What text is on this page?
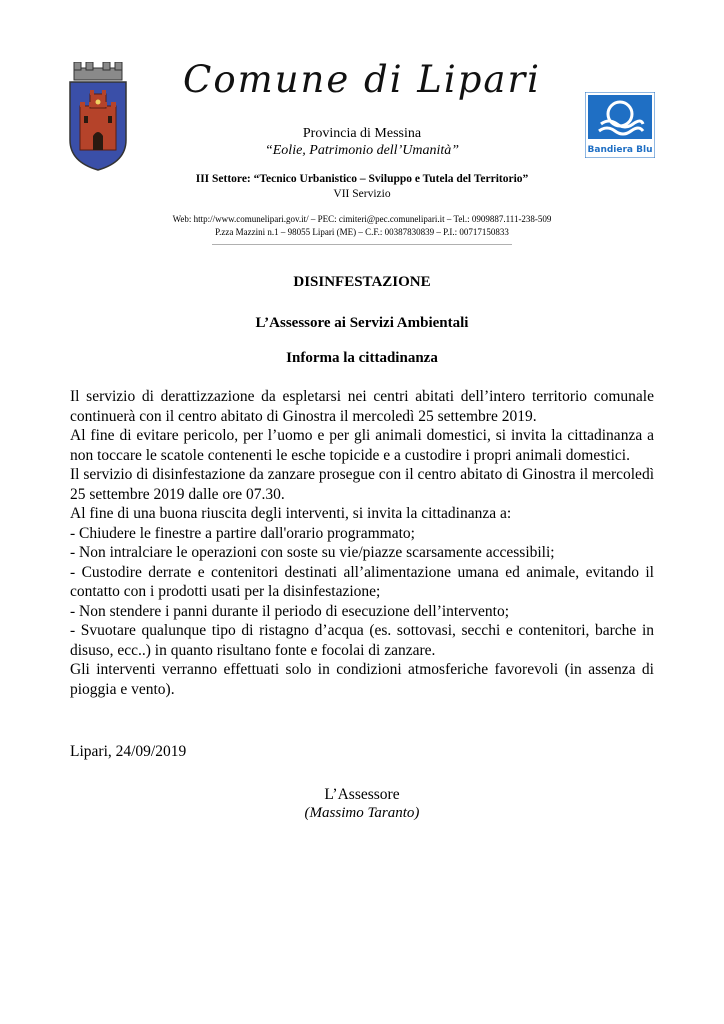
Comune di Lipari
Bandiera Blu
Provincia di Messina
“Eolie, Patrimonio dell’Umanità”
III Settore: “Tecnico Urbanistico – Sviluppo e Tutela del Territorio”
VII Servizio
Web: http://www.comunelipari.gov.it/ – PEC: cimiteri@pec.comunelipari.it – Tel.: 0909887.111-238-509
P.zza Mazzini n.1 – 98055 Lipari (ME) – C.F.: 00387830839 – P.I.: 00717150833
DISINFESTAZIONE
L’Assessore ai Servizi Ambientali
Informa la cittadinanza

Il servizio di derattizzazione da espletarsi nei centri abitati dell’intero territorio comunale continuerà con il centro abitato di Ginostra il mercoledì 25 settembre 2019.

Al fine di evitare pericolo, per l’uomo e per gli animali domestici, si invita la cittadinanza a non toccare le scatole contenenti le esche topicide e a custodire i propri animali domestici.

Il servizio di disinfestazione da zanzare prosegue con il centro abitato di Ginostra il mercoledì 25 settembre 2019 dalle ore 07.30.

Al fine di una buona riuscita degli interventi, si invita la cittadinanza a:

- Chiudere le finestre a partire dall'orario programmato;

- Non intralciare le operazioni con soste su vie/piazze scarsamente accessibili;

- Custodire derrate e contenitori destinati all’alimentazione umana ed animale, evitando il contatto con i prodotti usati per la disinfestazione;

- Non stendere i panni durante il periodo di esecuzione dell’intervento;

- Svuotare qualunque tipo di ristagno d’acqua (es. sottovasi, secchi e contenitori, barche in disuso, ecc..) in quanto risultano fonte e focolai di zanzare.

Gli interventi verranno effettuati solo in condizioni atmosferiche favorevoli (in assenza di pioggia e vento).

Lipari, 24/09/2019
L’Assessore
(Massimo Taranto)
